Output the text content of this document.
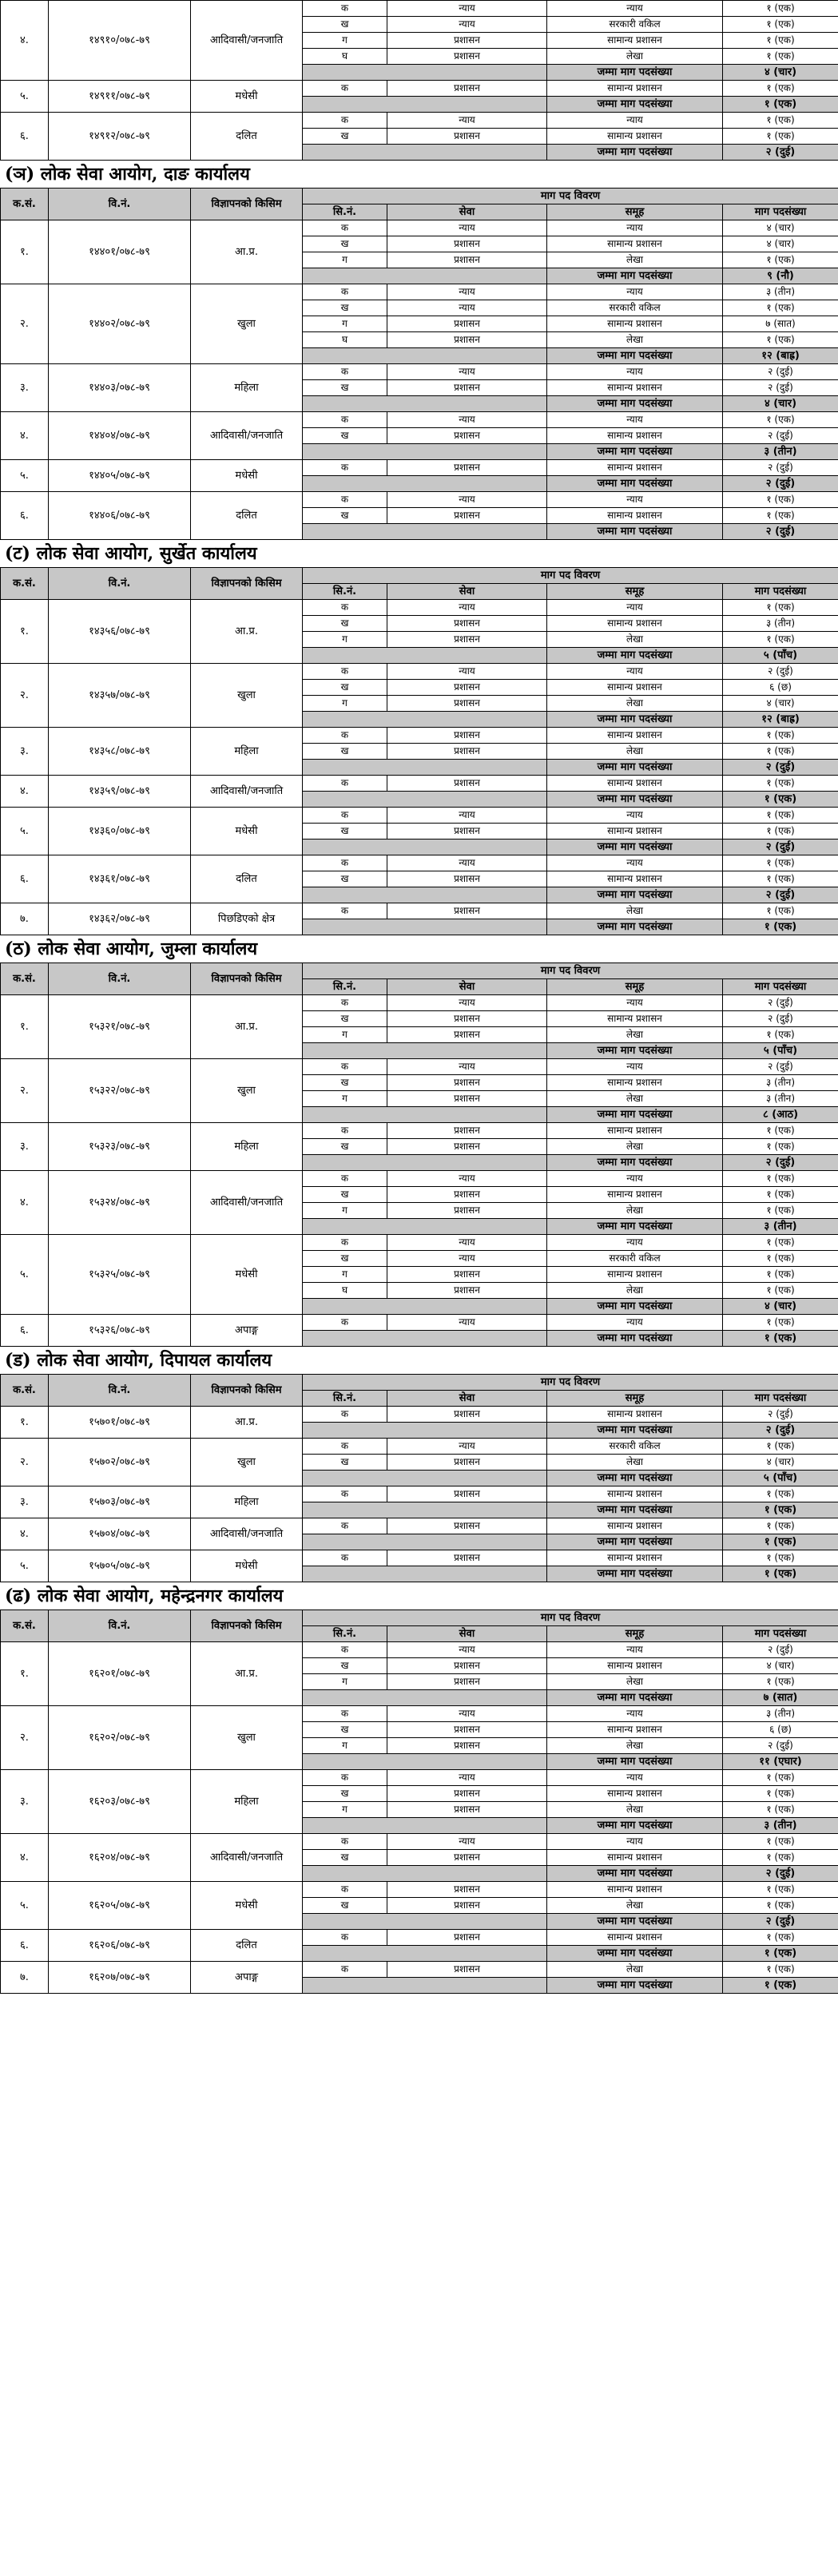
४.	१४९१०/०७८-७९	आदिवासी/जनजाति	क	न्याय	न्याय	१ (एक)
			ख	न्याय	सरकारी वकिल	१ (एक)
			ग	प्रशासन	सामान्य प्रशासन	१ (एक)
			घ	प्रशासन	लेखा	१ (एक)
					जम्मा माग पदसंख्या	४ (चार)
५.	१४९११/०७८-७९	मधेसी	क	प्रशासन	सामान्य प्रशासन	१ (एक)
					जम्मा माग पदसंख्या	१ (एक)
६.	१४९१२/०७८-७९	दलित	क	न्याय	न्याय	१ (एक)
			ख	प्रशासन	सामान्य प्रशासन	१ (एक)
					जम्मा माग पदसंख्या	२ (दुई)
(ञ) लोक सेवा आयोग, दाङ कार्यालय
क.सं.	वि.नं.	विज्ञापनको किसिम	माग पद विवरण			
			सि.नं.	सेवा	समूह	माग पदसंख्या
१.	१४४०१/०७८-७९	आ.प्र.	क	न्याय	न्याय	४ (चार)
			ख	प्रशासन	सामान्य प्रशासन	४ (चार)
			ग	प्रशासन	लेखा	१ (एक)
					जम्मा माग पदसंख्या	९ (नौ)
२.	१४४०२/०७८-७९	खुला	क	न्याय	न्याय	३ (तीन)
			ख	न्याय	सरकारी वकिल	१ (एक)
			ग	प्रशासन	सामान्य प्रशासन	७ (सात)
			घ	प्रशासन	लेखा	१ (एक)
					जम्मा माग पदसंख्या	१२ (बाह्र)
३.	१४४०३/०७८-७९	महिला	क	न्याय	न्याय	२ (दुई)
			ख	प्रशासन	सामान्य प्रशासन	२ (दुई)
					जम्मा माग पदसंख्या	४ (चार)
४.	१४४०४/०७८-७९	आदिवासी/जनजाति	क	न्याय	न्याय	१ (एक)
			ख	प्रशासन	सामान्य प्रशासन	२ (दुई)
					जम्मा माग पदसंख्या	३ (तीन)
५.	१४४०५/०७८-७९	मधेसी	क	प्रशासन	सामान्य प्रशासन	२ (दुई)
					जम्मा माग पदसंख्या	२ (दुई)
६.	१४४०६/०७८-७९	दलित	क	न्याय	न्याय	१ (एक)
			ख	प्रशासन	सामान्य प्रशासन	१ (एक)
					जम्मा माग पदसंख्या	२ (दुई)
(ट) लोक सेवा आयोग, सुर्खेत कार्यालय
क.सं.	वि.नं.	विज्ञापनको किसिम	माग पद विवरण			
			सि.नं.	सेवा	समूह	माग पदसंख्या
१.	१४३५६/०७८-७९	आ.प्र.	क	न्याय	न्याय	१ (एक)
			ख	प्रशासन	सामान्य प्रशासन	३ (तीन)
			ग	प्रशासन	लेखा	१ (एक)
					जम्मा माग पदसंख्या	५ (पाँच)
२.	१४३५७/०७८-७९	खुला	क	न्याय	न्याय	२ (दुई)
			ख	प्रशासन	सामान्य प्रशासन	६ (छ)
			ग	प्रशासन	लेखा	४ (चार)
					जम्मा माग पदसंख्या	१२ (बाह्र)
३.	१४३५८/०७८-७९	महिला	क	प्रशासन	सामान्य प्रशासन	१ (एक)
			ख	प्रशासन	लेखा	१ (एक)
					जम्मा माग पदसंख्या	२ (दुई)
४.	१४३५९/०७८-७९	आदिवासी/जनजाति	क	प्रशासन	सामान्य प्रशासन	१ (एक)
					जम्मा माग पदसंख्या	१ (एक)
५.	१४३६०/०७८-७९	मधेसी	क	न्याय	न्याय	१ (एक)
			ख	प्रशासन	सामान्य प्रशासन	१ (एक)
					जम्मा माग पदसंख्या	२ (दुई)
६.	१४३६१/०७८-७९	दलित	क	न्याय	न्याय	१ (एक)
			ख	प्रशासन	सामान्य प्रशासन	१ (एक)
					जम्मा माग पदसंख्या	२ (दुई)
७.	१४३६२/०७८-७९	पिछडिएको क्षेत्र	क	प्रशासन	लेखा	१ (एक)
					जम्मा माग पदसंख्या	१ (एक)
(ठ) लोक सेवा आयोग, जुम्ला कार्यालय
क.सं.	वि.नं.	विज्ञापनको किसिम	माग पद विवरण			
			सि.नं.	सेवा	समूह	माग पदसंख्या
१.	१५३२१/०७८-७९	आ.प्र.	क	न्याय	न्याय	२ (दुई)
			ख	प्रशासन	सामान्य प्रशासन	२ (दुई)
			ग	प्रशासन	लेखा	१ (एक)
					जम्मा माग पदसंख्या	५ (पाँच)
२.	१५३२२/०७८-७९	खुला	क	न्याय	न्याय	२ (दुई)
			ख	प्रशासन	सामान्य प्रशासन	३ (तीन)
			ग	प्रशासन	लेखा	३ (तीन)
					जम्मा माग पदसंख्या	८ (आठ)
३.	१५३२३/०७८-७९	महिला	क	प्रशासन	सामान्य प्रशासन	१ (एक)
			ख	प्रशासन	लेखा	१ (एक)
					जम्मा माग पदसंख्या	२ (दुई)
४.	१५३२४/०७८-७९	आदिवासी/जनजाति	क	न्याय	न्याय	१ (एक)
			ख	प्रशासन	सामान्य प्रशासन	१ (एक)
			ग	प्रशासन	लेखा	१ (एक)
					जम्मा माग पदसंख्या	३ (तीन)
५.	१५३२५/०७८-७९	मधेसी	क	न्याय	न्याय	१ (एक)
			ख	न्याय	सरकारी वकिल	१ (एक)
			ग	प्रशासन	सामान्य प्रशासन	१ (एक)
			घ	प्रशासन	लेखा	१ (एक)
					जम्मा माग पदसंख्या	४ (चार)
६.	१५३२६/०७८-७९	अपाङ्ग	क	न्याय	न्याय	१ (एक)
					जम्मा माग पदसंख्या	१ (एक)
(ड) लोक सेवा आयोग, दिपायल कार्यालय
क.सं.	वि.नं.	विज्ञापनको किसिम	माग पद विवरण			
			सि.नं.	सेवा	समूह	माग पदसंख्या
१.	१५७०१/०७८-७९	आ.प्र.	क	प्रशासन	सामान्य प्रशासन	२ (दुई)
					जम्मा माग पदसंख्या	२ (दुई)
२.	१५७०२/०७८-७९	खुला	क	न्याय	सरकारी वकिल	१ (एक)
			ख	प्रशासन	लेखा	४ (चार)
					जम्मा माग पदसंख्या	५ (पाँच)
३.	१५७०३/०७८-७९	महिला	क	प्रशासन	सामान्य प्रशासन	१ (एक)
					जम्मा माग पदसंख्या	१ (एक)
४.	१५७०४/०७८-७९	आदिवासी/जनजाति	क	प्रशासन	सामान्य प्रशासन	१ (एक)
					जम्मा माग पदसंख्या	१ (एक)
५.	१५७०५/०७८-७९	मधेसी	क	प्रशासन	सामान्य प्रशासन	१ (एक)
					जम्मा माग पदसंख्या	१ (एक)
(ढ) लोक सेवा आयोग, महेन्द्रनगर कार्यालय
क.सं.	वि.नं.	विज्ञापनको किसिम	माग पद विवरण			
			सि.नं.	सेवा	समूह	माग पदसंख्या
१.	१६२०१/०७८-७९	आ.प्र.	क	न्याय	न्याय	२ (दुई)
			ख	प्रशासन	सामान्य प्रशासन	४ (चार)
			ग	प्रशासन	लेखा	१ (एक)
					जम्मा माग पदसंख्या	७ (सात)
२.	१६२०२/०७८-७९	खुला	क	न्याय	न्याय	३ (तीन)
			ख	प्रशासन	सामान्य प्रशासन	६ (छ)
			ग	प्रशासन	लेखा	२ (दुई)
					जम्मा माग पदसंख्या	११ (एघार)
३.	१६२०३/०७८-७९	महिला	क	न्याय	न्याय	१ (एक)
			ख	प्रशासन	सामान्य प्रशासन	१ (एक)
			ग	प्रशासन	लेखा	१ (एक)
					जम्मा माग पदसंख्या	३ (तीन)
४.	१६२०४/०७८-७९	आदिवासी/जनजाति	क	न्याय	न्याय	१ (एक)
			ख	प्रशासन	सामान्य प्रशासन	१ (एक)
					जम्मा माग पदसंख्या	२ (दुई)
५.	१६२०५/०७८-७९	मधेसी	क	प्रशासन	सामान्य प्रशासन	१ (एक)
			ख	प्रशासन	लेखा	१ (एक)
					जम्मा माग पदसंख्या	२ (दुई)
६.	१६२०६/०७८-७९	दलित	क	प्रशासन	सामान्य प्रशासन	१ (एक)
					जम्मा माग पदसंख्या	१ (एक)
७.	१६२०७/०७८-७९	अपाङ्ग	क	प्रशासन	लेखा	१ (एक)
					जम्मा माग पदसंख्या	१ (एक)
